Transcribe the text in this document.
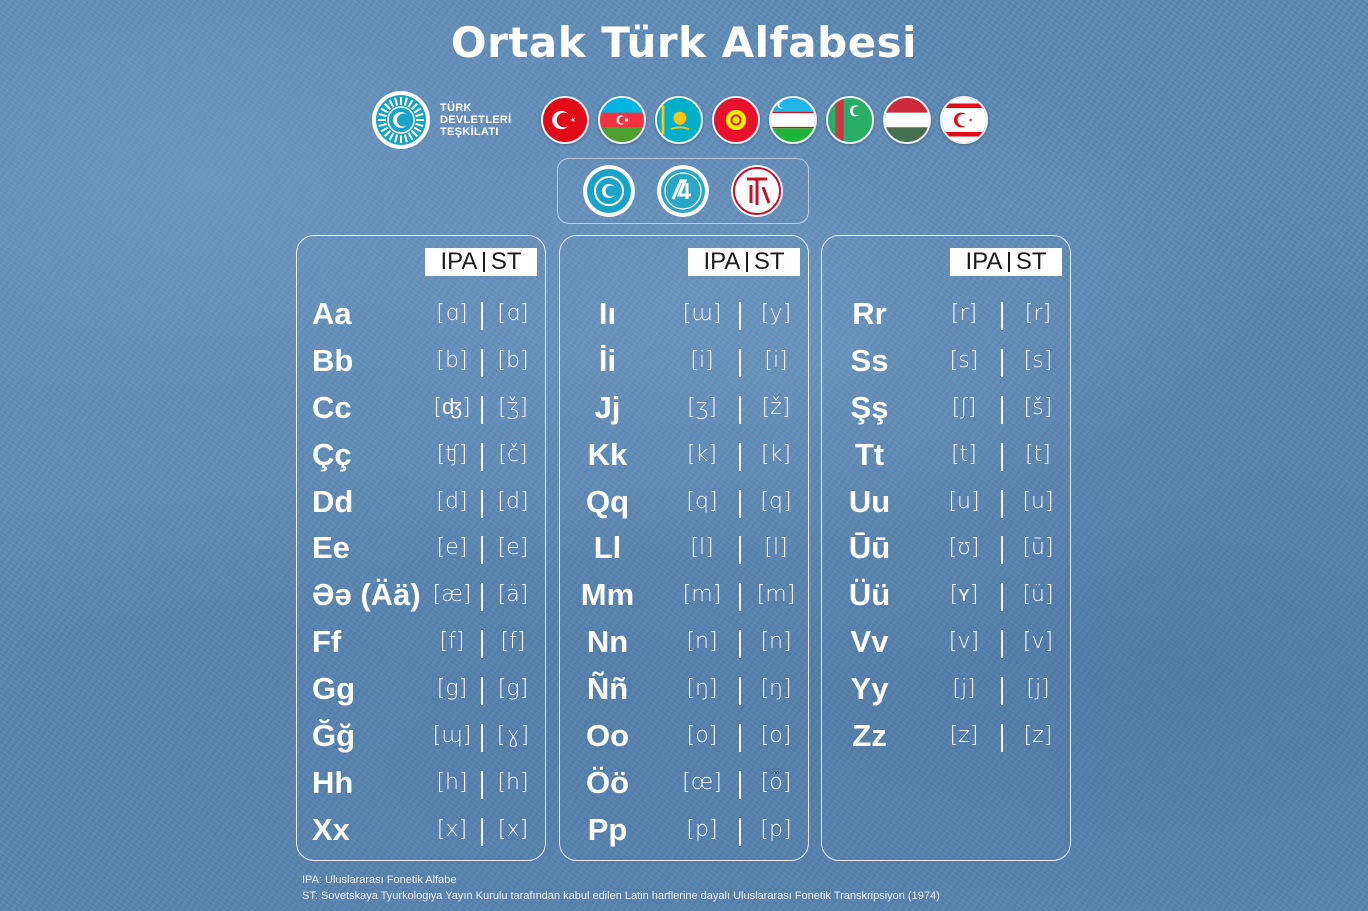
Ortak Türk Alfabesi
TÜRK
DEVLETLERİ
TEŞKİLATI
IPA ST
Aa	[ɑ]	[ɑ]
Bb	[b]	[b]
Cc	[ʤ]	[ǯ]
Çç	[ʧ]	[č]
Dd	[d]	[d]
Ee	[e]	[e]
Əə (Ää) [æ]	[ä]
Ff	[f]	[f]
Gg	[g]	[g]
Ğğ	[ɰ]	[ɣ]
Hh	[h]	[h]
Xx	[x]	[x]
IPA ST
Iı	[ɯ]	[y]
İi	[i]	[i]
Jj	[ʒ]	[ž]
Kk	[k]	[k]
Qq	[q]	[q]
Ll	[l]	[l]
Mm	[m]	[m]
Nn	[n]	[n]
Ññ	[ŋ]	[ŋ]
Oo	[o]	[o]
Öö	[œ]	[ö]
Pp	[p]	[p]
IPA ST
Rr	[r]	[r]
Ss	[s]	[s]
Şş	[ʃ]	[š]
Tt	[t]	[t]
Uu	[u]	[u]
Ūū	[ʊ]	[ū]
Üü	[ʏ]	[ü]
Vv	[v]	[v]
Yy	[j]	[j]
Zz	[z]	[z]
IPA: Uluslararası Fonetik Alfabe
ST: Sovetskaya Tyurkologiya Yayın Kurulu tarafından kabul edilen Latin harflerine dayalı Uluslararası Fonetik Transkripsiyon (1974)
